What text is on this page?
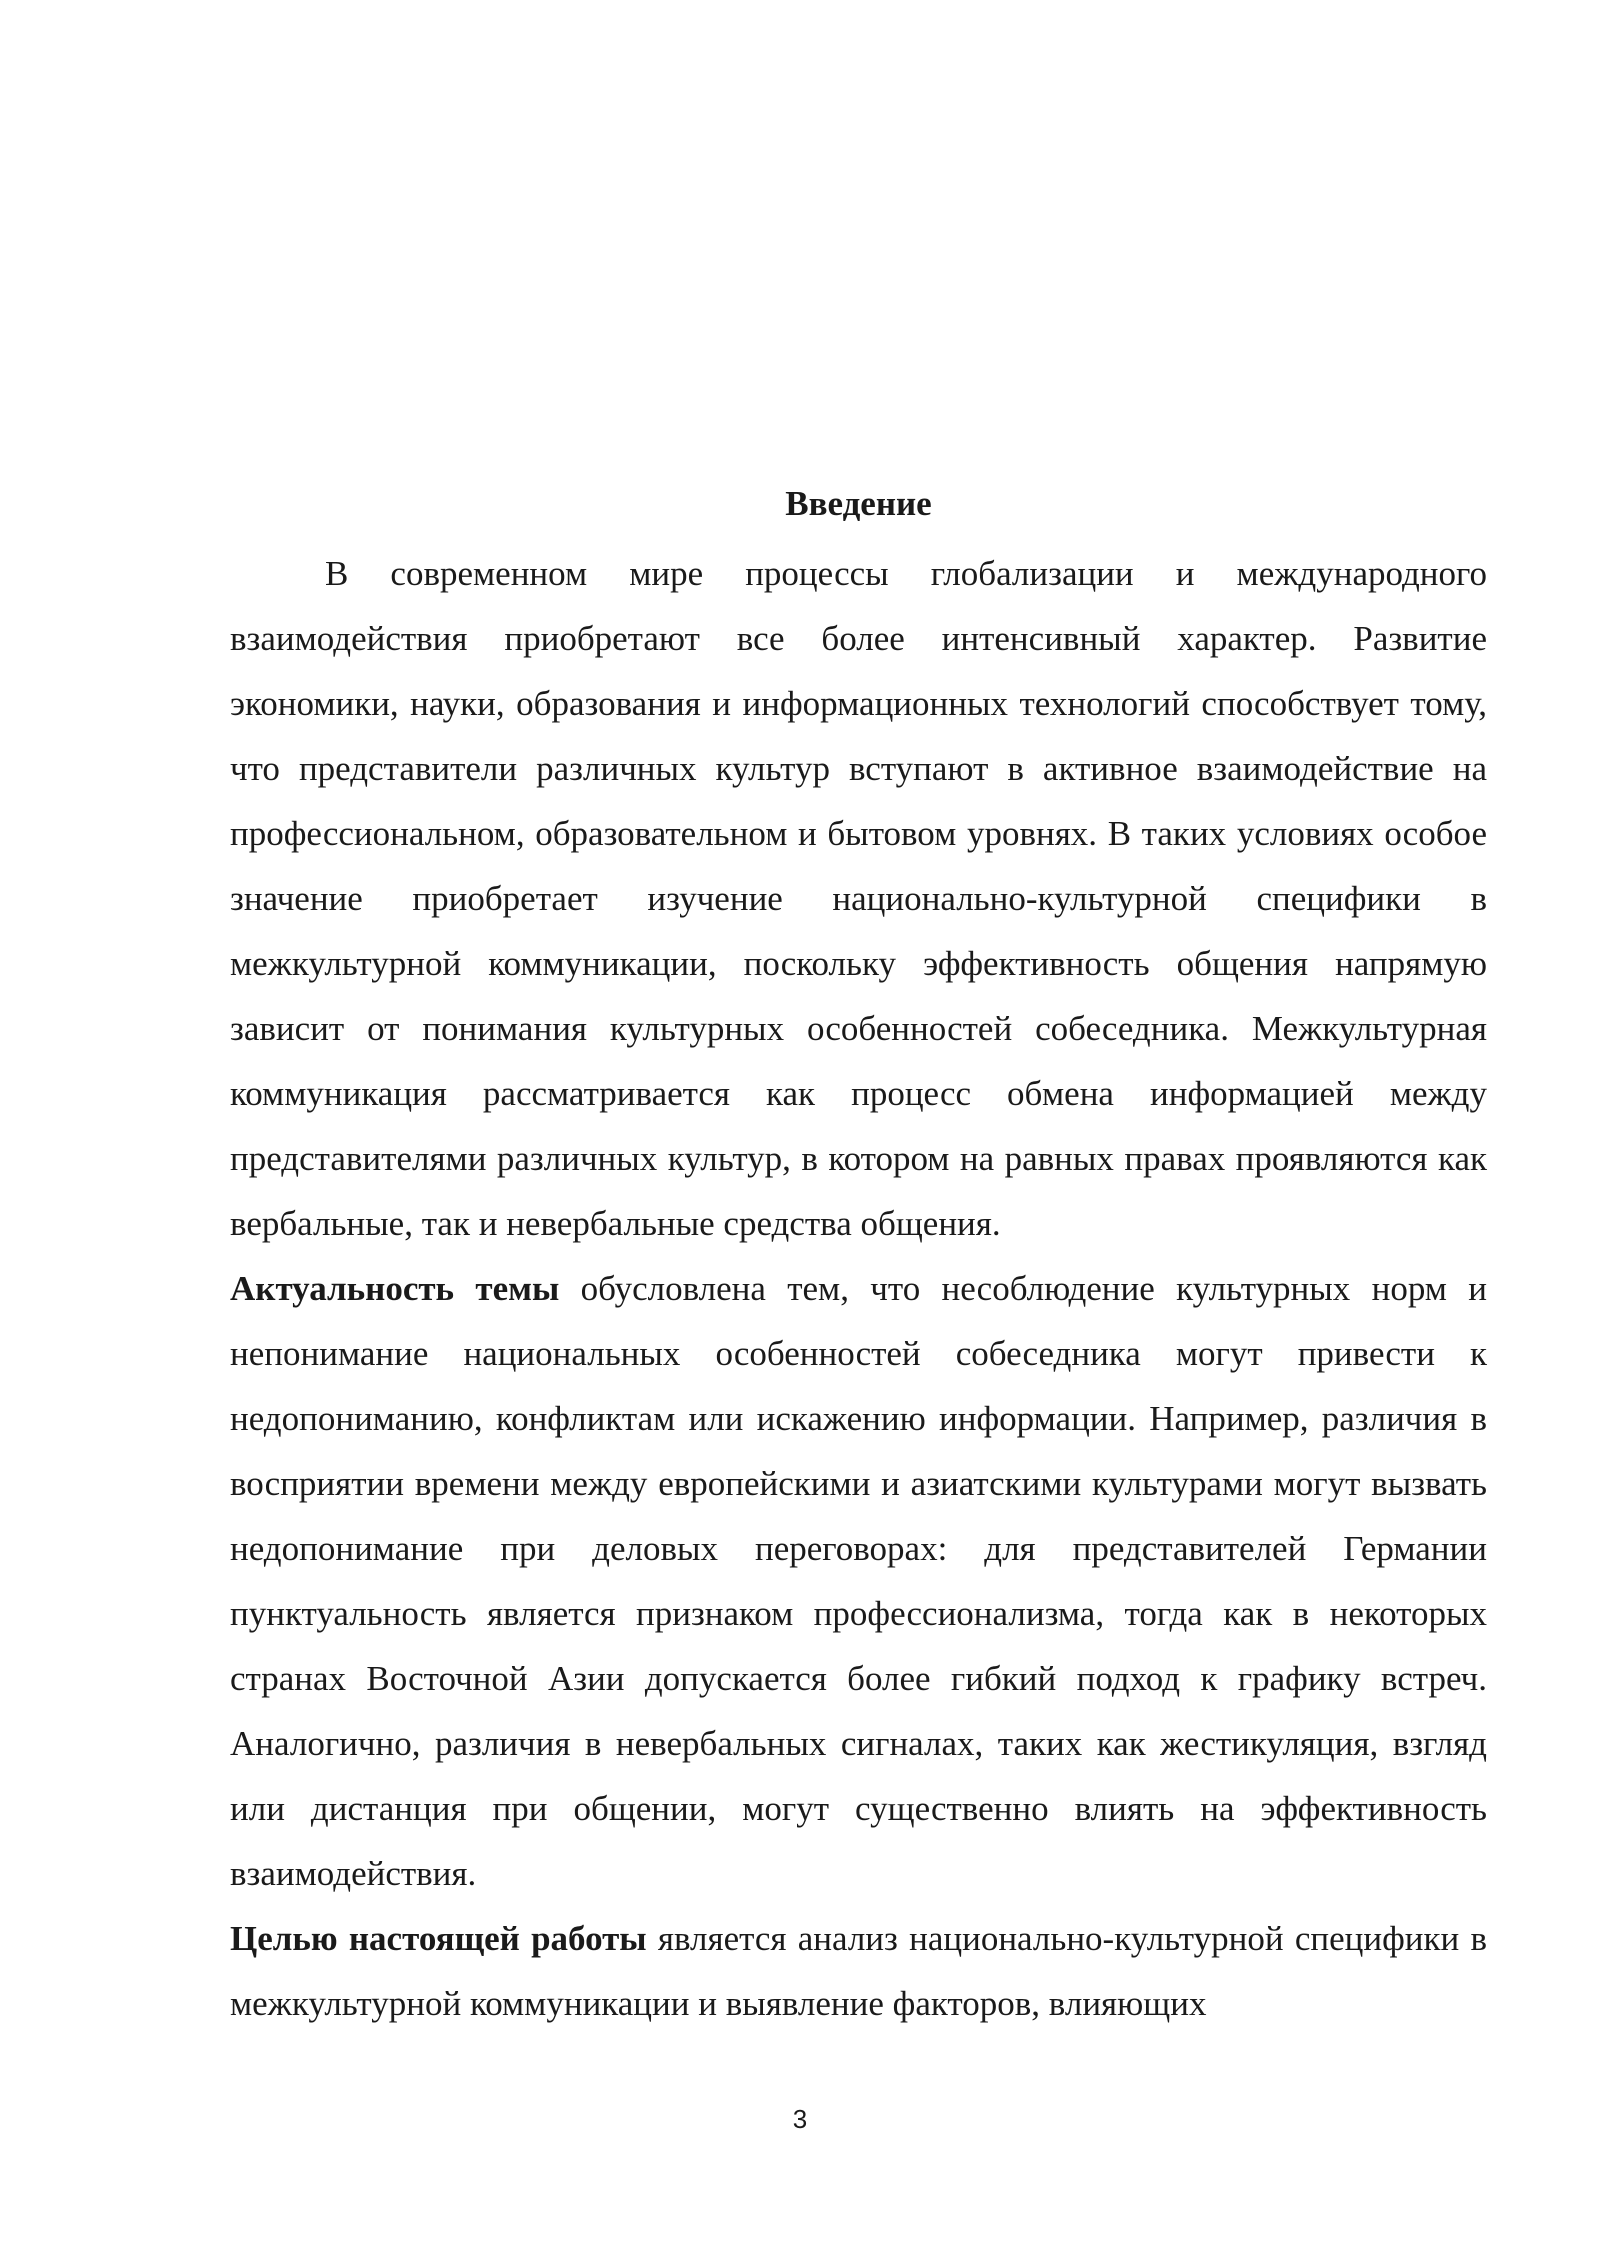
Введение

В современном мире процессы глобализации и международного взаимодействия приобретают все более интенсивный характер. Развитие экономики, науки, образования и информационных технологий способствует тому, что представители различных культур вступают в активное взаимодействие на профессиональном, образовательном и бытовом уровнях. В таких условиях особое значение приобретает изучение национально-культурной специфики в межкультурной коммуникации, поскольку эффективность общения напрямую зависит от понимания культурных особенностей собеседника. Межкультурная коммуникация рассматривается как процесс обмена информацией между представителями различных культур, в котором на равных правах проявляются как вербальные, так и невербальные средства общения.

Актуальность темы обусловлена тем, что несоблюдение культурных норм и непонимание национальных особенностей собеседника могут привести к недопониманию, конфликтам или искажению информации. Например, различия в восприятии времени между европейскими и азиатскими культурами могут вызвать недопонимание при деловых переговорах: для представителей Германии пунктуальность является признаком профессионализма, тогда как в некоторых странах Восточной Азии допускается более гибкий подход к графику встреч. Аналогично, различия в невербальных сигналах, таких как жестикуляция, взгляд или дистанция при общении, могут существенно влиять на эффективность взаимодействия.

Целью настоящей работы является анализ национально-культурной специфики в межкультурной коммуникации и выявление факторов, влияющих

3
